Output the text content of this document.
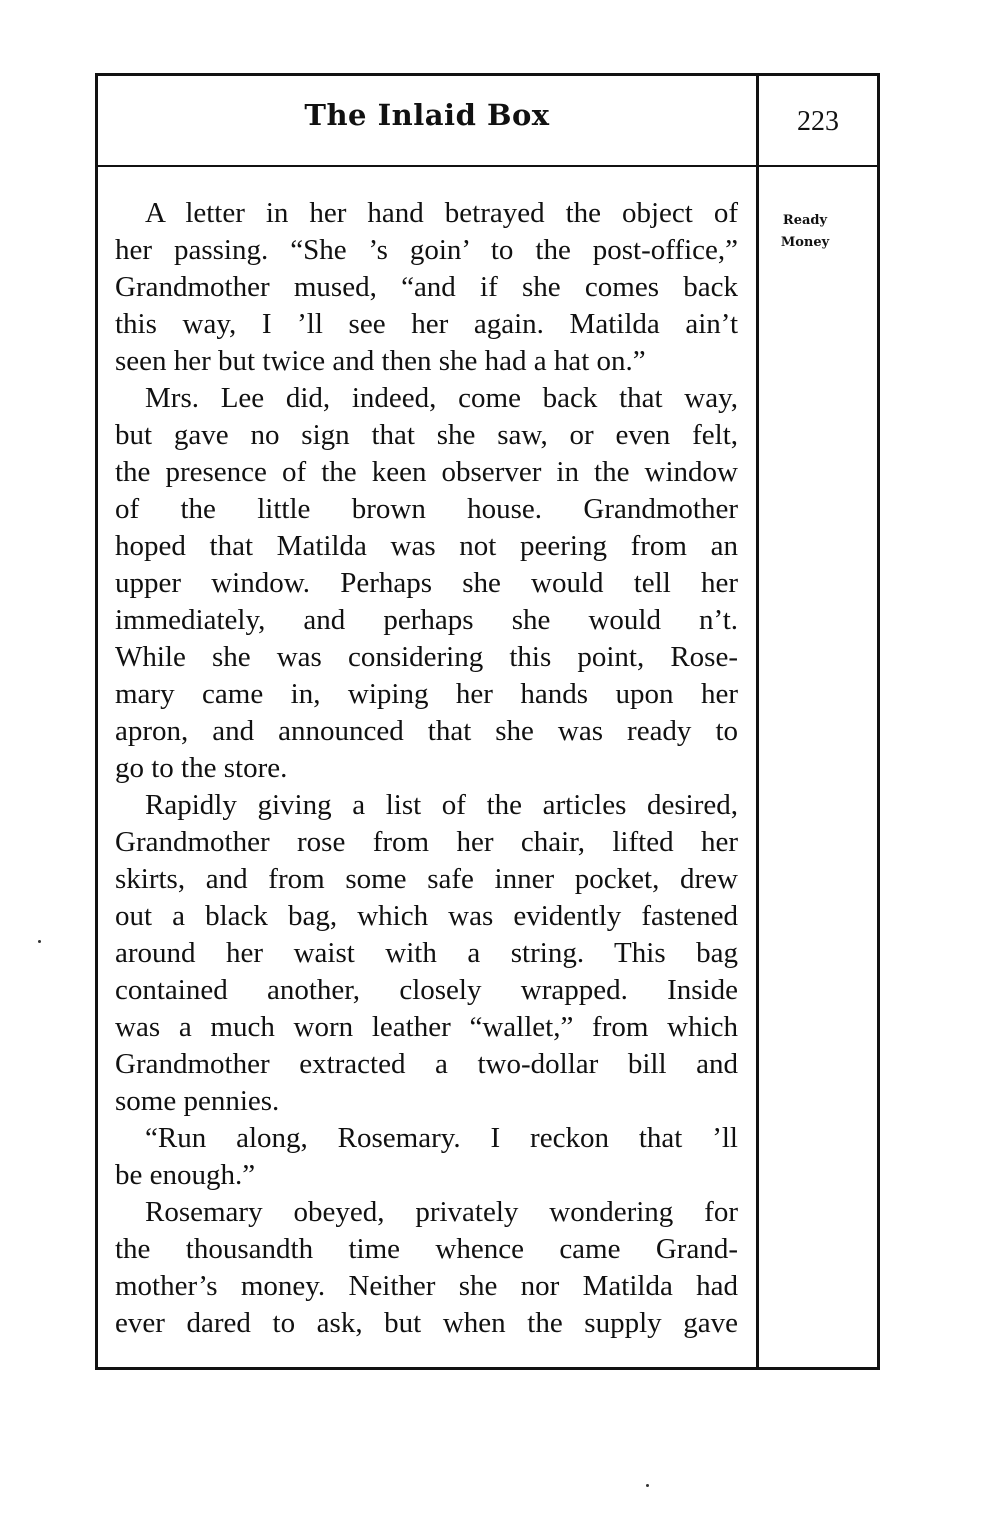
The Inlaid Box	223
Ready
Money
A letter in her hand betrayed the object of
her passing. “She ’s goin’ to the post-office,”
Grandmother mused, “and if she comes back
this way, I ’ll see her again. Matilda ain’t
seen her but twice and then she had a hat on.”
Mrs. Lee did, indeed, come back that way,
but gave no sign that she saw, or even felt,
the presence of the keen observer in the window
of the little brown house. Grandmother
hoped that Matilda was not peering from an
upper window. Perhaps she would tell her
immediately, and perhaps she would n’t.
While she was considering this point, Rose-
mary came in, wiping her hands upon her
apron, and announced that she was ready to
go to the store.
Rapidly giving a list of the articles desired,
Grandmother rose from her chair, lifted her
skirts, and from some safe inner pocket, drew
out a black bag, which was evidently fastened
around her waist with a string. This bag
contained another, closely wrapped. Inside
was a much worn leather “wallet,” from which
Grandmother extracted a two-dollar bill and
some pennies.
“Run along, Rosemary. I reckon that ’ll
be enough.”
Rosemary obeyed, privately wondering for
the thousandth time whence came Grand-
mother’s money. Neither she nor Matilda had
ever dared to ask, but when the supply gave
